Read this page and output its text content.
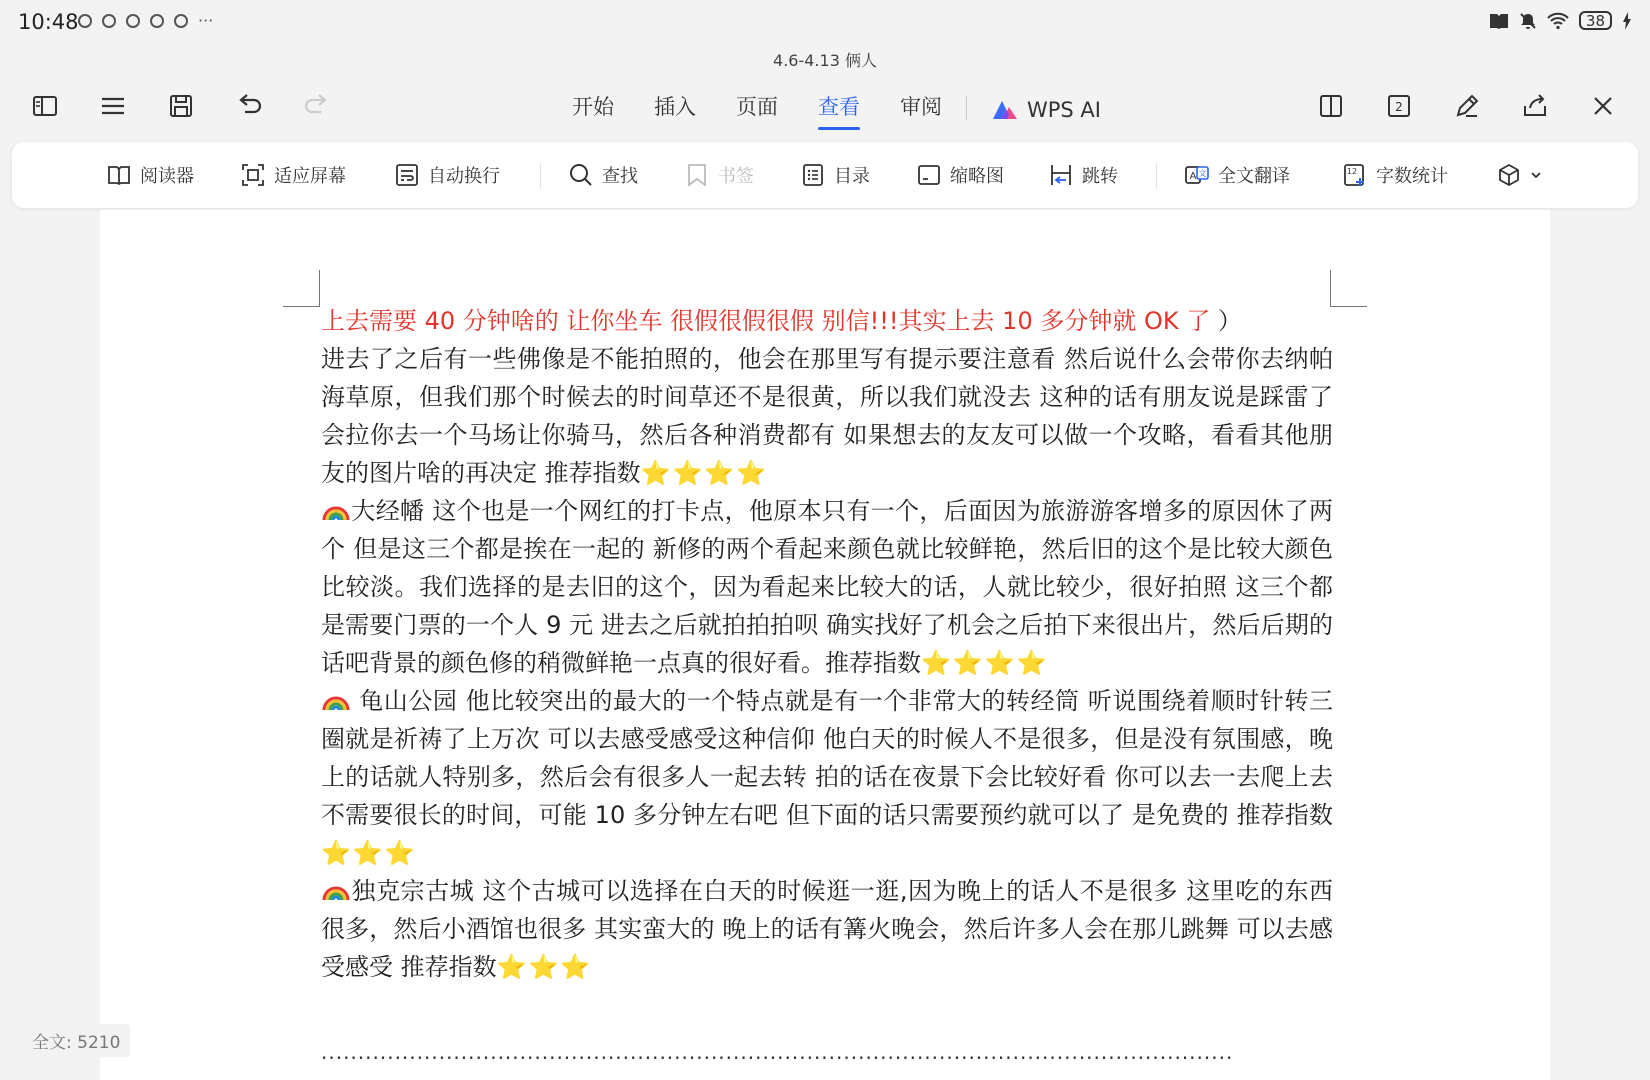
10:48	···	38
4.6-4.13 俩人
开始	插入	页面	查看	审阅	WPS AI	2
阅读器	适应屏幕	自动换行	查找	书签	目录	缩略图	跳转	A 文 全文翻译	12 字数统计

上去需要 40 分钟啥的 让你坐车 很假很假很假 别信!!!其实上去 10 多分钟就 OK 了 ）

进去了之后有一些佛像是不能拍照的，他会在那里写有提示要注意看 然后说什么会带你去纳帕海草原，但我们那个时候去的时间草还不是很黄，所以我们就没去 这种的话有朋友说是踩雷了会拉你去一个马场让你骑马，然后各种消费都有 如果想去的友友可以做一个攻略，看看其他朋友的图片啥的再决定 推荐指数⭐⭐⭐⭐

大经幡 这个也是一个网红的打卡点，他原本只有一个，后面因为旅游游客增多的原因休了两个 但是这三个都是挨在一起的 新修的两个看起来颜色就比较鲜艳，然后旧的这个是比较大颜色比较淡。我们选择的是去旧的这个，因为看起来比较大的话，人就比较少，很好拍照 这三个都是需要门票的一个人 9 元 进去之后就拍拍拍呗 确实找好了机会之后拍下来很出片，然后后期的话吧背景的颜色修的稍微鲜艳一点真的很好看。推荐指数⭐⭐⭐⭐

龟山公园 他比较突出的最大的一个特点就是有一个非常大的转经筒 听说围绕着顺时针转三圈就是祈祷了上万次 可以去感受感受这种信仰 他白天的时候人不是很多，但是没有氛围感，晚上的话就人特别多，然后会有很多人一起去转 拍的话在夜景下会比较好看 你可以去一去爬上去不需要很长的时间，可能 10 多分钟左右吧 但下面的话只需要预约就可以了 是免费的 推荐指数⭐⭐⭐

独克宗古城 这个古城可以选择在白天的时候逛一逛,因为晚上的话人不是很多 这里吃的东西很多，然后小酒馆也很多 其实蛮大的 晚上的话有篝火晚会，然后许多人会在那儿跳舞 可以去感受感受 推荐指数⭐⭐⭐

............................................................................................................................
全文: 5210
